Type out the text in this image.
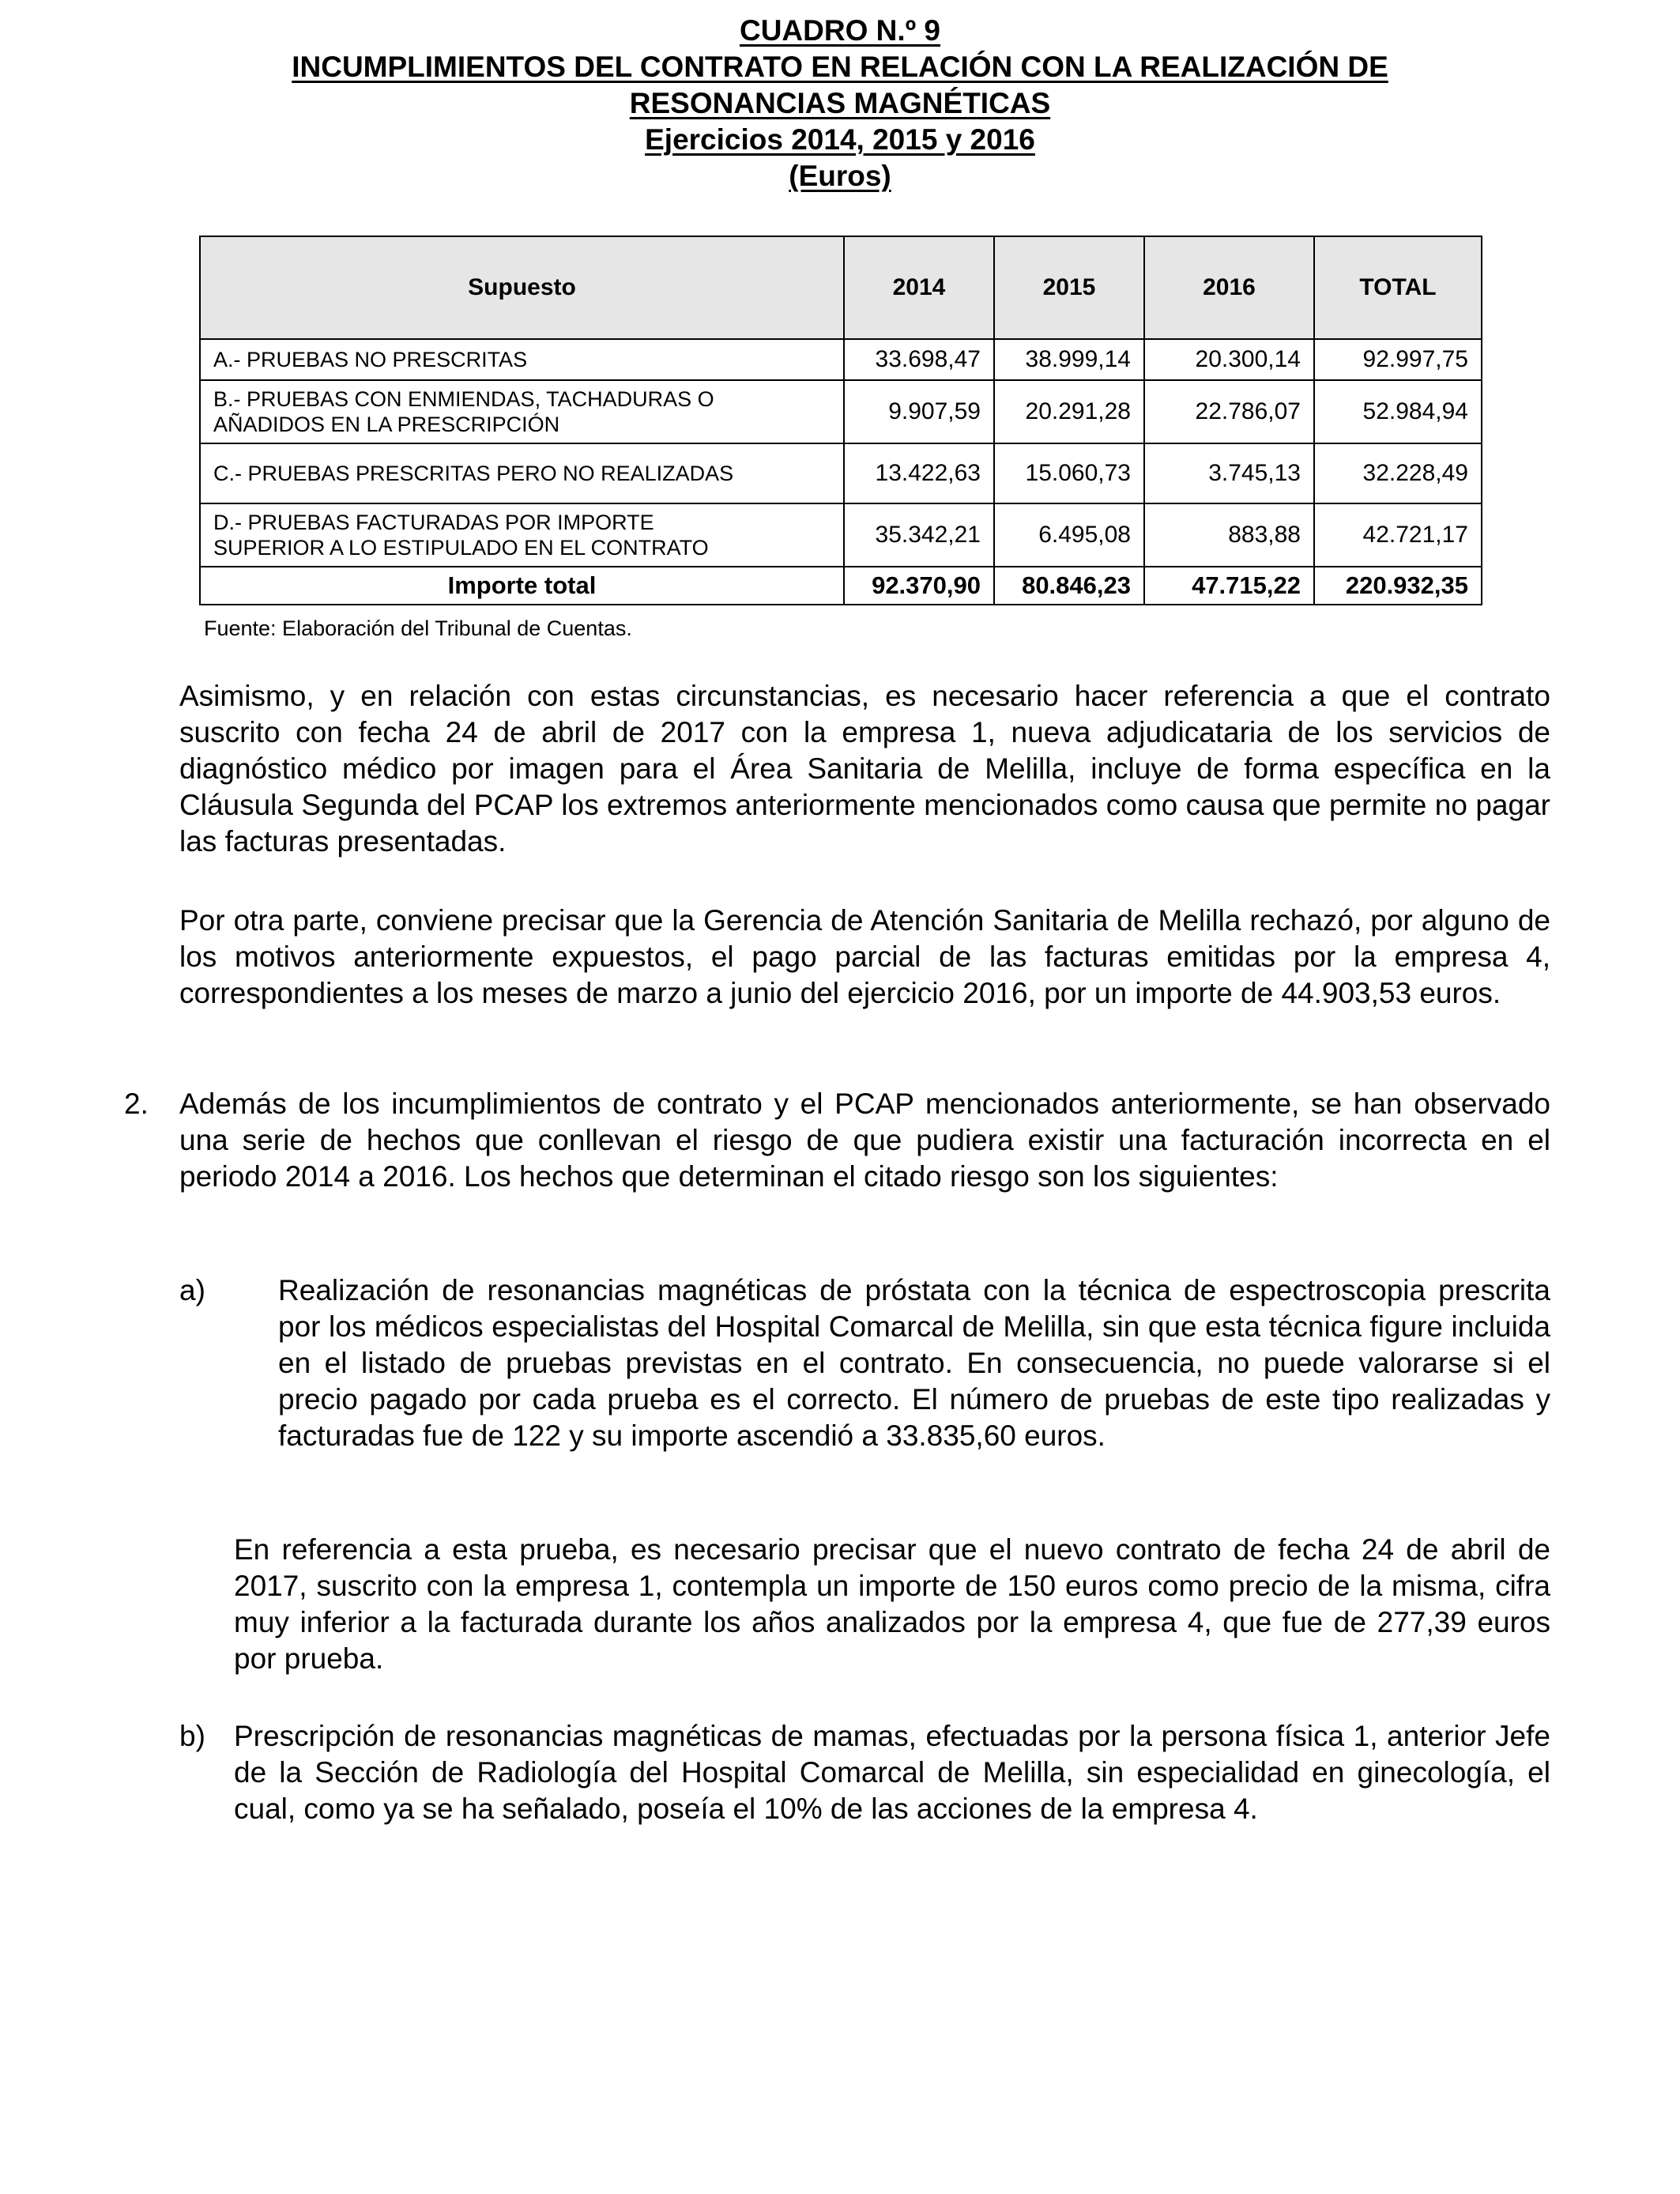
CUADRO N.º 9
INCUMPLIMIENTOS DEL CONTRATO EN RELACIÓN CON LA REALIZACIÓN DE
RESONANCIAS MAGNÉTICAS
Ejercicios 2014, 2015 y 2016
(Euros)
Supuesto	2014	2015	2016	TOTAL
A.- PRUEBAS NO PRESCRITAS	33.698,47	38.999,14	20.300,14	92.997,75
B.- PRUEBAS CON ENMIENDAS, TACHADURAS O
AÑADIDOS EN LA PRESCRIPCIÓN	9.907,59	20.291,28	22.786,07	52.984,94
C.- PRUEBAS PRESCRITAS PERO NO REALIZADAS	13.422,63	15.060,73	3.745,13	32.228,49
D.- PRUEBAS FACTURADAS POR IMPORTE
SUPERIOR A LO ESTIPULADO EN EL CONTRATO	35.342,21	6.495,08	883,88	42.721,17
Importe total	92.370,90	80.846,23	47.715,22	220.932,35
Fuente: Elaboración del Tribunal de Cuentas.

Asimismo, y en relación con estas circunstancias, es necesario hacer referencia a que el contrato suscrito con fecha 24 de abril de 2017 con la empresa 1, nueva adjudicataria de los servicios de diagnóstico médico por imagen para el Área Sanitaria de Melilla, incluye de forma específica en la Cláusula Segunda del PCAP los extremos anteriormente mencionados como causa que permite no pagar las facturas presentadas.

Por otra parte, conviene precisar que la Gerencia de Atención Sanitaria de Melilla rechazó, por alguno de los motivos anteriormente expuestos, el pago parcial de las facturas emitidas por la empresa 4, correspondientes a los meses de marzo a junio del ejercicio 2016, por un importe de 44.903,53 euros.

2. Además de los incumplimientos de contrato y el PCAP mencionados anteriormente, se han observado una serie de hechos que conllevan el riesgo de que pudiera existir una facturación incorrecta en el periodo 2014 a 2016. Los hechos que determinan el citado riesgo son los siguientes:

a) Realización de resonancias magnéticas de próstata con la técnica de espectroscopia prescrita por los médicos especialistas del Hospital Comarcal de Melilla, sin que esta técnica figure incluida en el listado de pruebas previstas en el contrato. En consecuencia, no puede valorarse si el precio pagado por cada prueba es el correcto. El número de pruebas de este tipo realizadas y facturadas fue de 122 y su importe ascendió a 33.835,60 euros.

En referencia a esta prueba, es necesario precisar que el nuevo contrato de fecha 24 de abril de 2017, suscrito con la empresa 1, contempla un importe de 150 euros como precio de la misma, cifra muy inferior a la facturada durante los años analizados por la empresa 4, que fue de 277,39 euros por prueba.

b) Prescripción de resonancias magnéticas de mamas, efectuadas por la persona física 1, anterior Jefe de la Sección de Radiología del Hospital Comarcal de Melilla, sin especialidad en ginecología, el cual, como ya se ha señalado, poseía el 10% de las acciones de la empresa 4.
